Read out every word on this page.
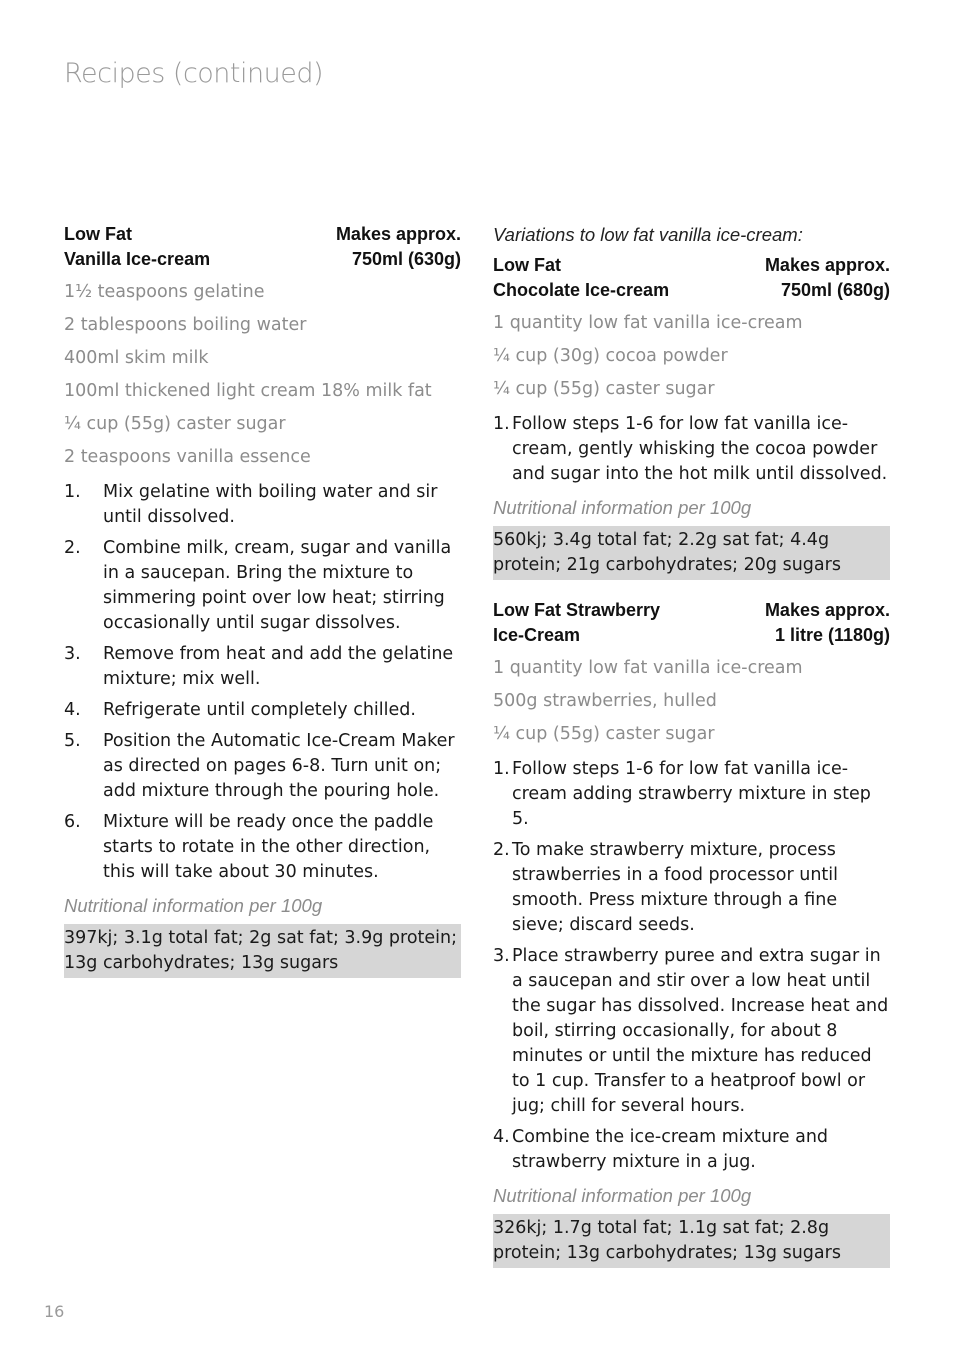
Recipes (continued)
Low Fat
Vanilla Ice-cream
Makes approx.
750ml (630g)
1½ teaspoons gelatine
2 tablespoons boiling water
400ml skim milk
100ml thickened light cream 18% milk fat
¼ cup (55g) caster sugar
2 teaspoons vanilla essence
1.	Mix gelatine with boiling water and sir until dissolved.
2.	Combine milk, cream, sugar and vanilla in a saucepan. Bring the mixture to simmering point over low heat; stirring occasionally until sugar dissolves.
3.	Remove from heat and add the gelatine mixture; mix well.
4.	Refrigerate until completely chilled.
5.	Position the Automatic Ice-Cream Maker as directed on pages 6-8. Turn unit on; add mixture through the pouring hole.
6.	Mixture will be ready once the paddle starts to rotate in the other direction, this will take about 30 minutes.
Nutritional information per 100g
397kj; 3.1g total fat; 2g sat fat; 3.9g protein; 13g carbohydrates; 13g sugars
Variations to low fat vanilla ice-cream:
Low Fat
Chocolate Ice-cream
Makes approx.
750ml (680g)
1 quantity low fat vanilla ice-cream
¼ cup (30g) cocoa powder
¼ cup (55g) caster sugar
1. Follow steps 1-6 for low fat vanilla ice-cream, gently whisking the cocoa powder and sugar into the hot milk until dissolved.
Nutritional information per 100g
560kj; 3.4g total fat; 2.2g sat fat; 4.4g protein; 21g carbohydrates; 20g sugars
Low Fat Strawberry
Ice-Cream
Makes approx.
1 litre (1180g)
1 quantity low fat vanilla ice-cream
500g strawberries, hulled
¼ cup (55g) caster sugar
1. Follow steps 1-6 for low fat vanilla ice-cream adding strawberry mixture in step 5.
2. To make strawberry mixture, process strawberries in a food processor until smooth. Press mixture through a fine sieve; discard seeds.
3. Place strawberry puree and extra sugar in a saucepan and stir over a low heat until the sugar has dissolved. Increase heat and boil, stirring occasionally, for about 8 minutes or until the mixture has reduced to 1 cup. Transfer to a heatproof bowl or jug; chill for several hours.
4. Combine the ice-cream mixture and strawberry mixture in a jug.
Nutritional information per 100g
326kj; 1.7g total fat; 1.1g sat fat; 2.8g protein; 13g carbohydrates; 13g sugars
16
